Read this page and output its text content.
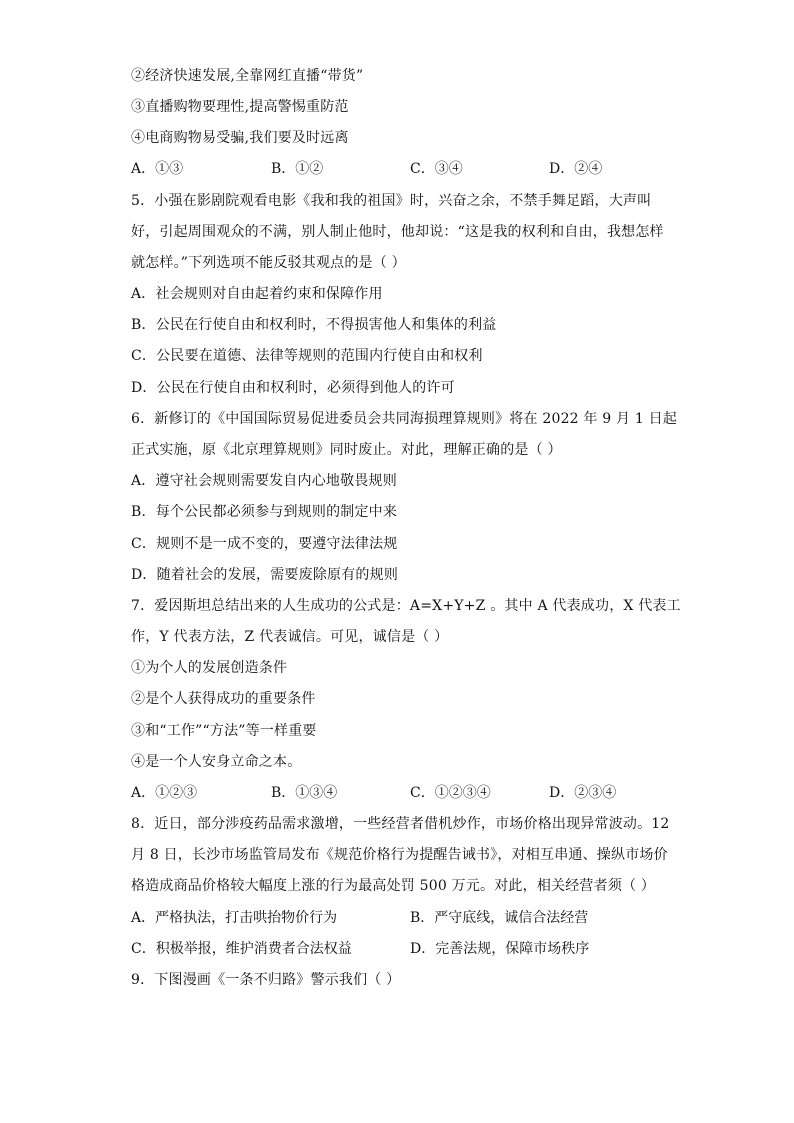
②经济快速发展,全靠网红直播“带货”
③直播购物要理性,提高警惕重防范
④电商购物易受骗,我们要及时远离
A．①③	B．①②	C．③④	D．②④
5．小强在影剧院观看电影《我和我的祖国》时，兴奋之余，不禁手舞足蹈，大声叫
好，引起周围观众的不满，别人制止他时，他却说：“这是我的权利和自由，我想怎样
就怎样。”下列选项不能反驳其观点的是（ ）
A．社会规则对自由起着约束和保障作用
B．公民在行使自由和权利时，不得损害他人和集体的利益
C．公民要在道德、法律等规则的范围内行使自由和权利
D．公民在行使自由和权利时，必须得到他人的许可
6．新修订的《中国国际贸易促进委员会共同海损理算规则》将在 2022 年 9 月 1 日起
正式实施，原《北京理算规则》同时废止。对此，理解正确的是（ ）
A．遵守社会规则需要发自内心地敬畏规则
B．每个公民都必须参与到规则的制定中来
C．规则不是一成不变的，要遵守法律法规
D．随着社会的发展，需要废除原有的规则
7．爱因斯坦总结出来的人生成功的公式是：A=X+Y+Z 。其中 A 代表成功，X 代表工
作，Y 代表方法，Z 代表诚信。可见，诚信是（ ）
①为个人的发展创造条件
②是个人获得成功的重要条件
③和“工作”“方法”等一样重要
④是一个人安身立命之本。
A．①②③	B．①③④	C．①②③④	D．②③④
8．近日，部分涉疫药品需求激增，一些经营者借机炒作，市场价格出现异常波动。12
月 8 日，长沙市场监管局发布《规范价格行为提醒告诫书》，对相互串通、操纵市场价
格造成商品价格较大幅度上涨的行为最高处罚 500 万元。对此，相关经营者须（ ）
A．严格执法，打击哄抬物价行为	B．严守底线，诚信合法经营
C．积极举报，维护消费者合法权益	D．完善法规，保障市场秩序
9．下图漫画《一条不归路》警示我们（ ）
